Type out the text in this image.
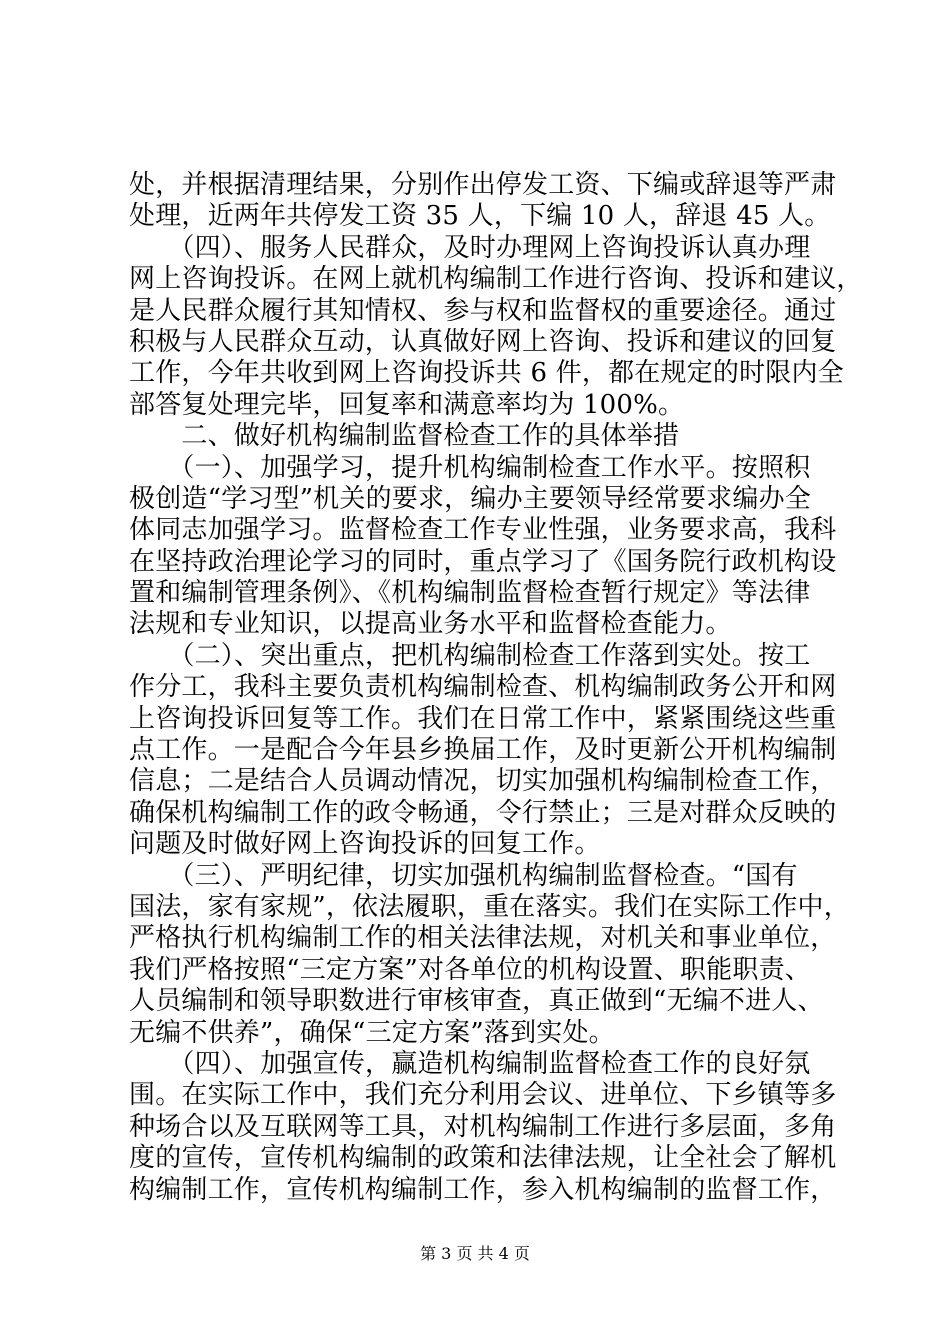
处，并根据清理结果，分别作出停发工资、下编或辞退等严肃
处理，近两年共停发工资 35 人，下编 10 人，辞退 45 人。
　　（四）、服务人民群众，及时办理网上咨询投诉认真办理
网上咨询投诉。在网上就机构编制工作进行咨询、投诉和建议，
是人民群众履行其知情权、参与权和监督权的重要途径。通过
积极与人民群众互动，认真做好网上咨询、投诉和建议的回复
工作，今年共收到网上咨询投诉共 6 件，都在规定的时限内全
部答复处理完毕，回复率和满意率均为 100%。
　　二、做好机构编制监督检查工作的具体举措
　　（一）、加强学习，提升机构编制检查工作水平。按照积
极创造“学习型”机关的要求，编办主要领导经常要求编办全
体同志加强学习。监督检查工作专业性强，业务要求高，我科
在坚持政治理论学习的同时，重点学习了《国务院行政机构设
置和编制管理条例》、《机构编制监督检查暂行规定》等法律
法规和专业知识，以提高业务水平和监督检查能力。
　　（二）、突出重点，把机构编制检查工作落到实处。按工
作分工，我科主要负责机构编制检查、机构编制政务公开和网
上咨询投诉回复等工作。我们在日常工作中，紧紧围绕这些重
点工作。一是配合今年县乡换届工作，及时更新公开机构编制
信息；二是结合人员调动情况，切实加强机构编制检查工作，
确保机构编制工作的政令畅通，令行禁止；三是对群众反映的
问题及时做好网上咨询投诉的回复工作。
　　（三）、严明纪律，切实加强机构编制监督检查。“国有
国法，家有家规”，依法履职，重在落实。我们在实际工作中，
严格执行机构编制工作的相关法律法规，对机关和事业单位，
我们严格按照“三定方案”对各单位的机构设置、职能职责、
人员编制和领导职数进行审核审查，真正做到“无编不进人、
无编不供养”，确保“三定方案”落到实处。
　　（四）、加强宣传，赢造机构编制监督检查工作的良好氛
围。在实际工作中，我们充分利用会议、进单位、下乡镇等多
种场合以及互联网等工具，对机构编制工作进行多层面，多角
度的宣传，宣传机构编制的政策和法律法规，让全社会了解机
构编制工作，宣传机构编制工作，参入机构编制的监督工作，
第 3 页 共 4 页
